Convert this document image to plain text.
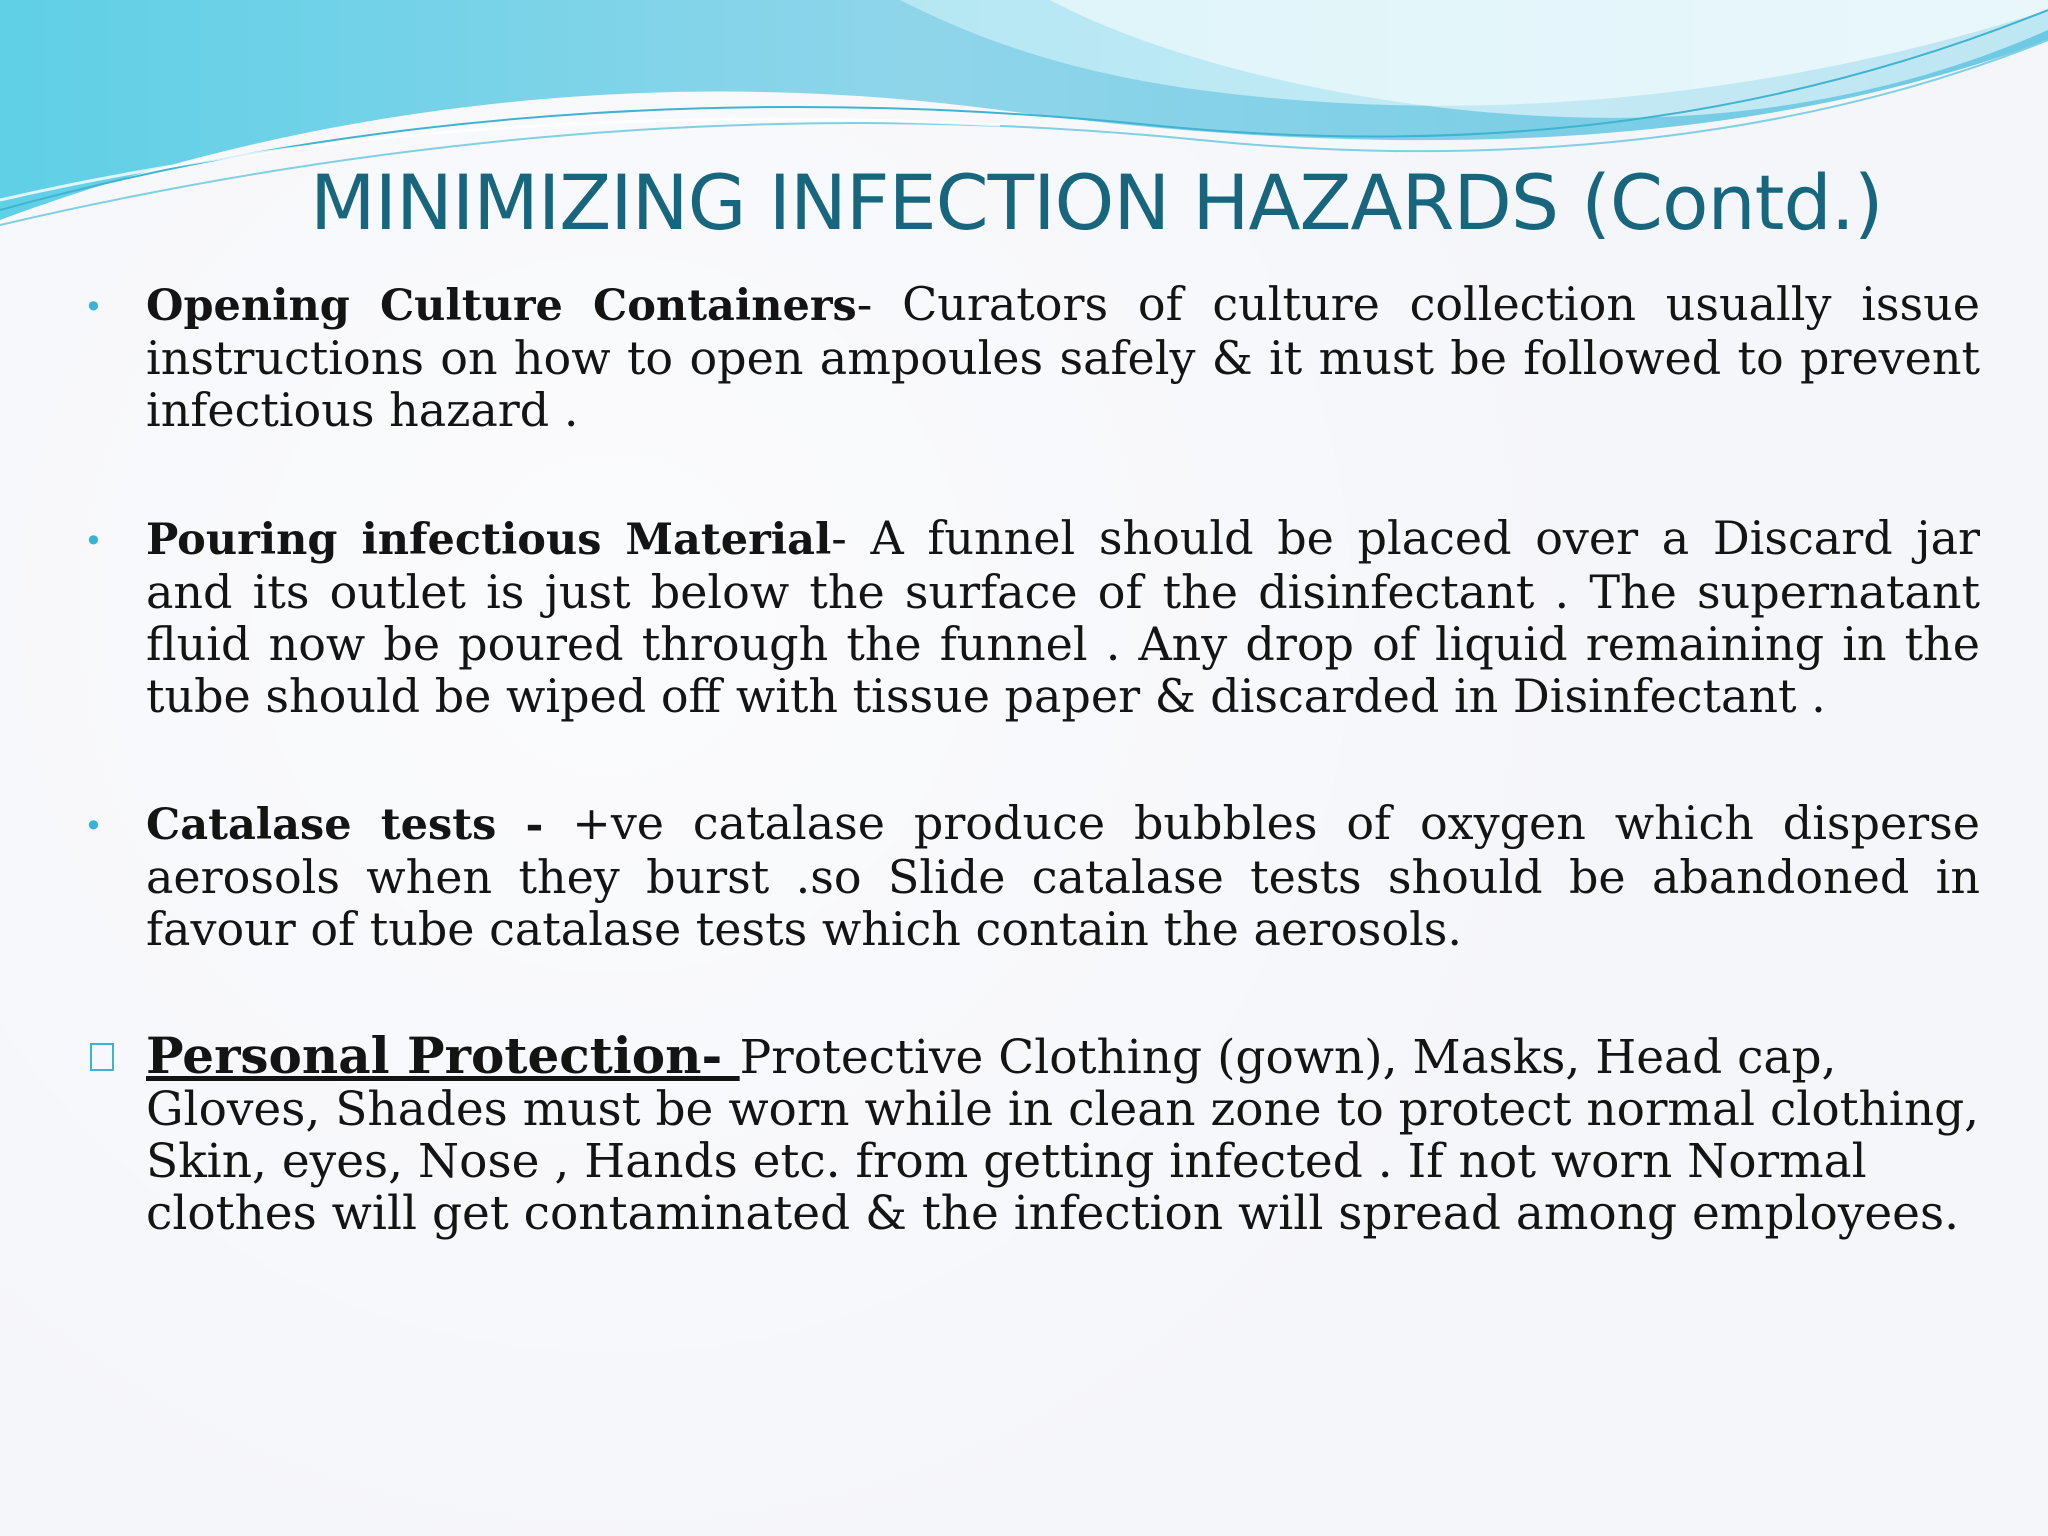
MINIMIZING INFECTION HAZARDS (Contd.)
• Opening Culture Containers- Curators of culture collection usually issue instructions on how to open ampoules safely & it must be followed to prevent infectious hazard .
• Pouring infectious Material- A funnel should be placed over a Discard jar and its outlet is just below the surface of the disinfectant . The supernatant fluid now be poured through the funnel . Any drop of liquid remaining in the tube should be wiped off with tissue paper & discarded in Disinfectant .
• Catalase tests - +ve catalase produce bubbles of oxygen which disperse aerosols when they burst .so Slide catalase tests should be abandoned in favour of tube catalase tests which contain the aerosols.
Personal Protection- Protective Clothing (gown), Masks, Head cap, Gloves, Shades must be worn while in clean zone to protect normal clothing, Skin, eyes, Nose , Hands etc. from getting infected . If not worn Normal clothes will get contaminated & the infection will spread among employees.
